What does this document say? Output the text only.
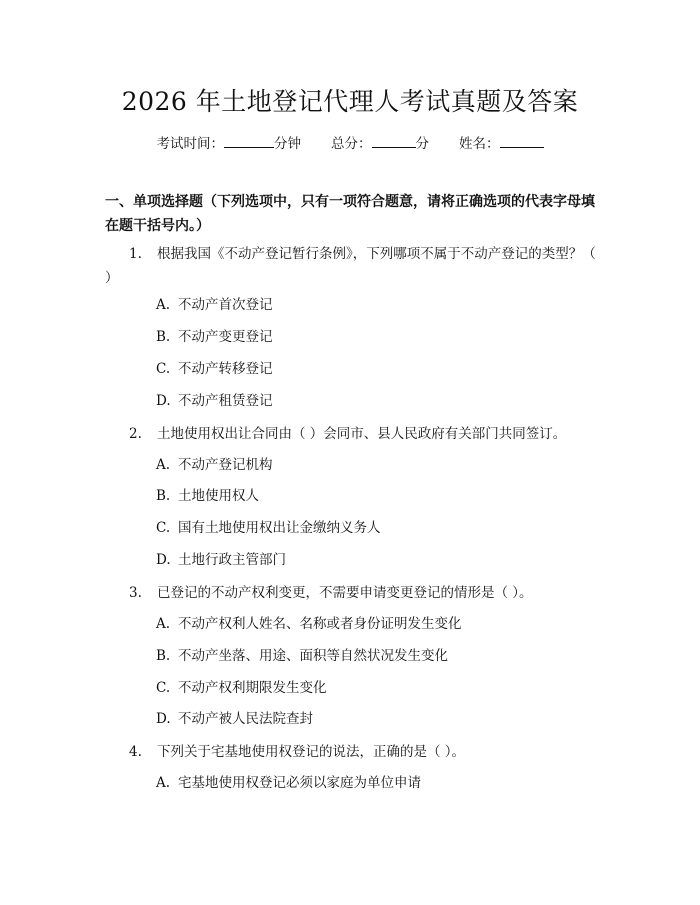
2026 年土地登记代理人考试真题及答案
考试时间：	分钟 总分：	分 姓名：
一、单项选择题（下列选项中，只有一项符合题意，请将正确选项的代表字母填在题干括号内。）
1. 根据我国《不动产登记暂行条例》，下列哪项不属于不动产登记的类型？（ ）
A. 不动产首次登记
B. 不动产变更登记
C. 不动产转移登记
D. 不动产租赁登记
2. 土地使用权出让合同由（ ）会同市、县人民政府有关部门共同签订。
A. 不动产登记机构
B. 土地使用权人
C. 国有土地使用权出让金缴纳义务人
D. 土地行政主管部门
3. 已登记的不动产权利变更，不需要申请变更登记的情形是（ ）。
A. 不动产权利人姓名、名称或者身份证明发生变化
B. 不动产坐落、用途、面积等自然状况发生变化
C. 不动产权利期限发生变化
D. 不动产被人民法院查封
4. 下列关于宅基地使用权登记的说法，正确的是（ ）。
A. 宅基地使用权登记必须以家庭为单位申请
